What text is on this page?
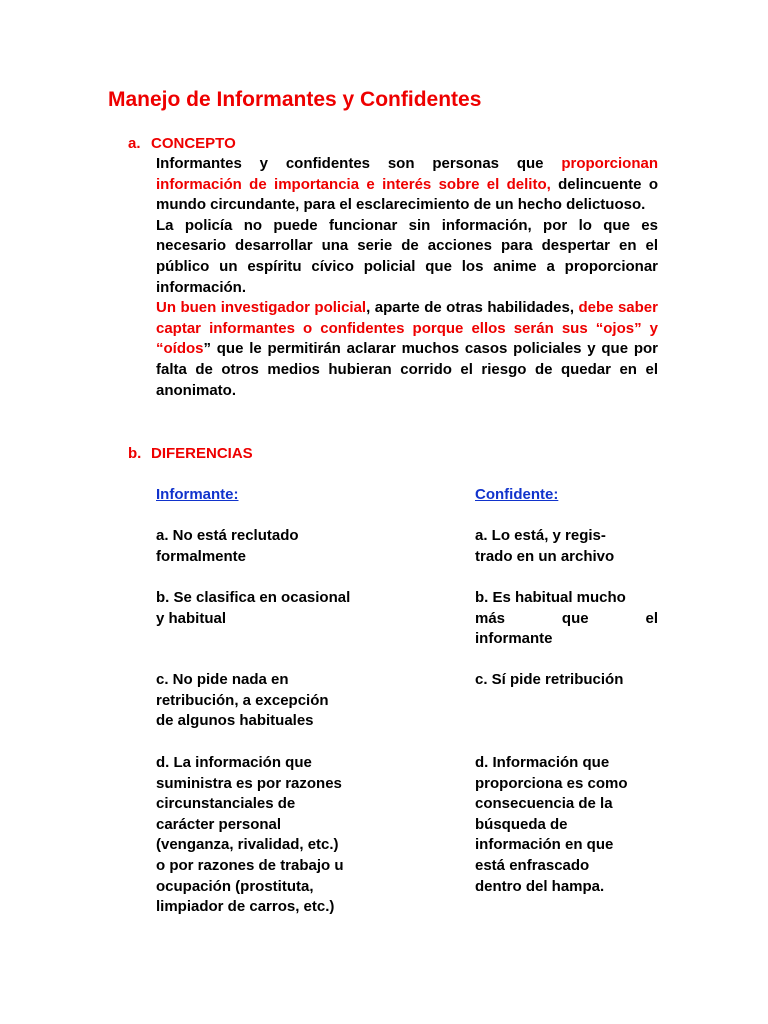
Manejo de Informantes y Confidentes
a. CONCEPTO

Informantes y confidentes son personas que proporcionan información de importancia e interés sobre el delito, delincuente o mundo circundante, para el esclarecimiento de un hecho delictuoso.

La policía no puede funcionar sin información, por lo que es necesario desarrollar una serie de acciones para despertar en el público un espíritu cívico policial que los anime a proporcionar información.

Un buen investigador policial, aparte de otras habilidades, debe saber captar informantes o confidentes porque ellos serán sus “ojos” y “oídos” que le permitirán aclarar muchos casos policiales y que por falta de otros medios hubieran corrido el riesgo de quedar en el anonimato.

b. DIFERENCIAS
Informante:	Confidente:
a. No está reclutado
formalmente
b. Se clasifica en ocasional
y habitual
c. No pide nada en
retribución, a excepción
de algunos habituales
d. La información que
suministra es por razones
circunstanciales de
carácter personal
(venganza, rivalidad, etc.)
o por razones de trabajo u
ocupación (prostituta,
limpiador de carros, etc.)
a. Lo está, y regis-
trado en un archivo
b. Es habitual mucho
más que el
informante
c. Sí pide retribución
d. Información que
proporciona es como
consecuencia de la
búsqueda de
información en que
está enfrascado
dentro del hampa.
